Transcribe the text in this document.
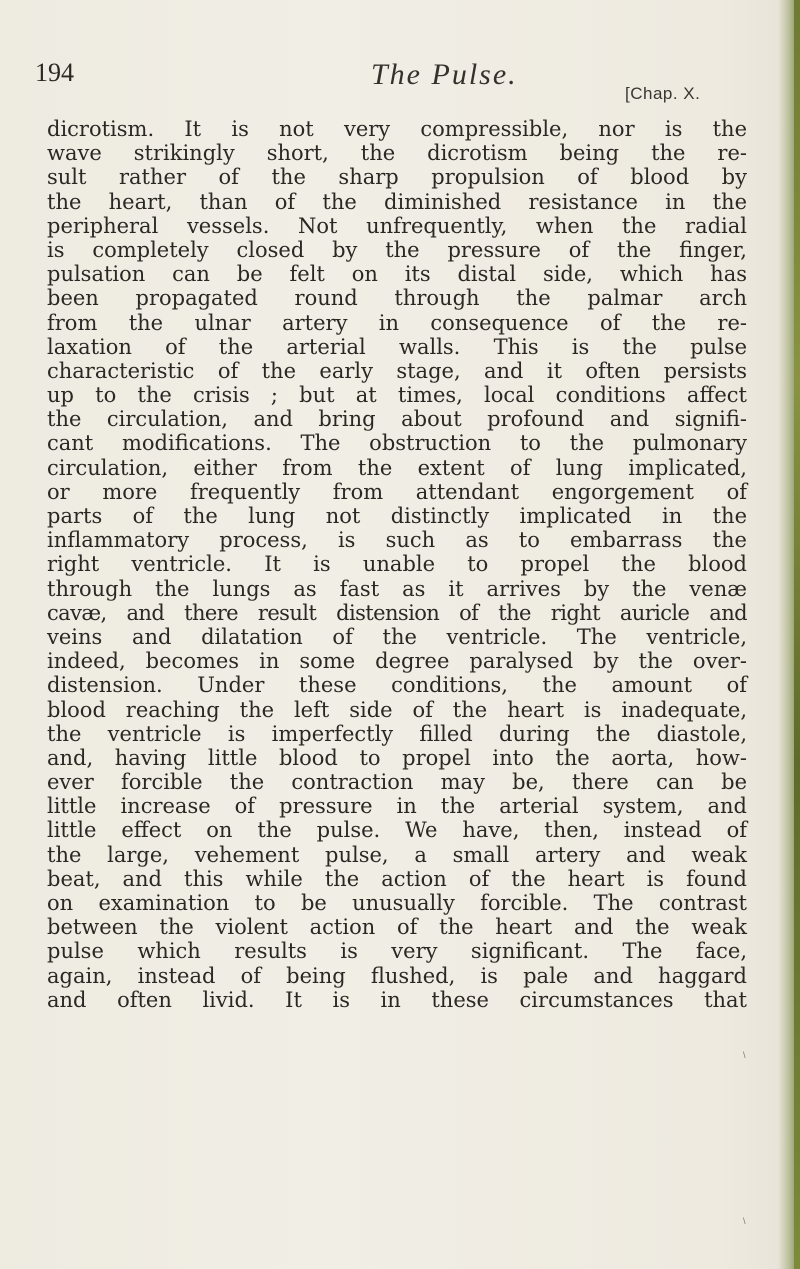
194	The Pulse.
[Chap. X.
dicrotism. It is not very compressible, nor is the
wave strikingly short, the dicrotism being the re-
sult rather of the sharp propulsion of blood by
the heart, than of the diminished resistance in the
peripheral vessels. Not unfrequently, when the radial
is completely closed by the pressure of the finger,
pulsation can be felt on its distal side, which has
been propagated round through the palmar arch
from the ulnar artery in consequence of the re-
laxation of the arterial walls. This is the pulse
characteristic of the early stage, and it often persists
up to the crisis ; but at times, local conditions affect
the circulation, and bring about profound and signifi-
cant modifications. The obstruction to the pulmonary
circulation, either from the extent of lung implicated,
or more frequently from attendant engorgement of
parts of the lung not distinctly implicated in the
inflammatory process, is such as to embarrass the
right ventricle. It is unable to propel the blood
through the lungs as fast as it arrives by the venæ
cavæ, and there result distension of the right auricle and
veins and dilatation of the ventricle. The ventricle,
indeed, becomes in some degree paralysed by the over-
distension. Under these conditions, the amount of
blood reaching the left side of the heart is inadequate,
the ventricle is imperfectly filled during the diastole,
and, having little blood to propel into the aorta, how-
ever forcible the contraction may be, there can be
little increase of pressure in the arterial system, and
little effect on the pulse. We have, then, instead of
the large, vehement pulse, a small artery and weak
beat, and this while the action of the heart is found
on examination to be unusually forcible. The contrast
between the violent action of the heart and the weak
pulse which results is very significant. The face,
again, instead of being flushed, is pale and haggard
and often livid. It is in these circumstances that
\
\
